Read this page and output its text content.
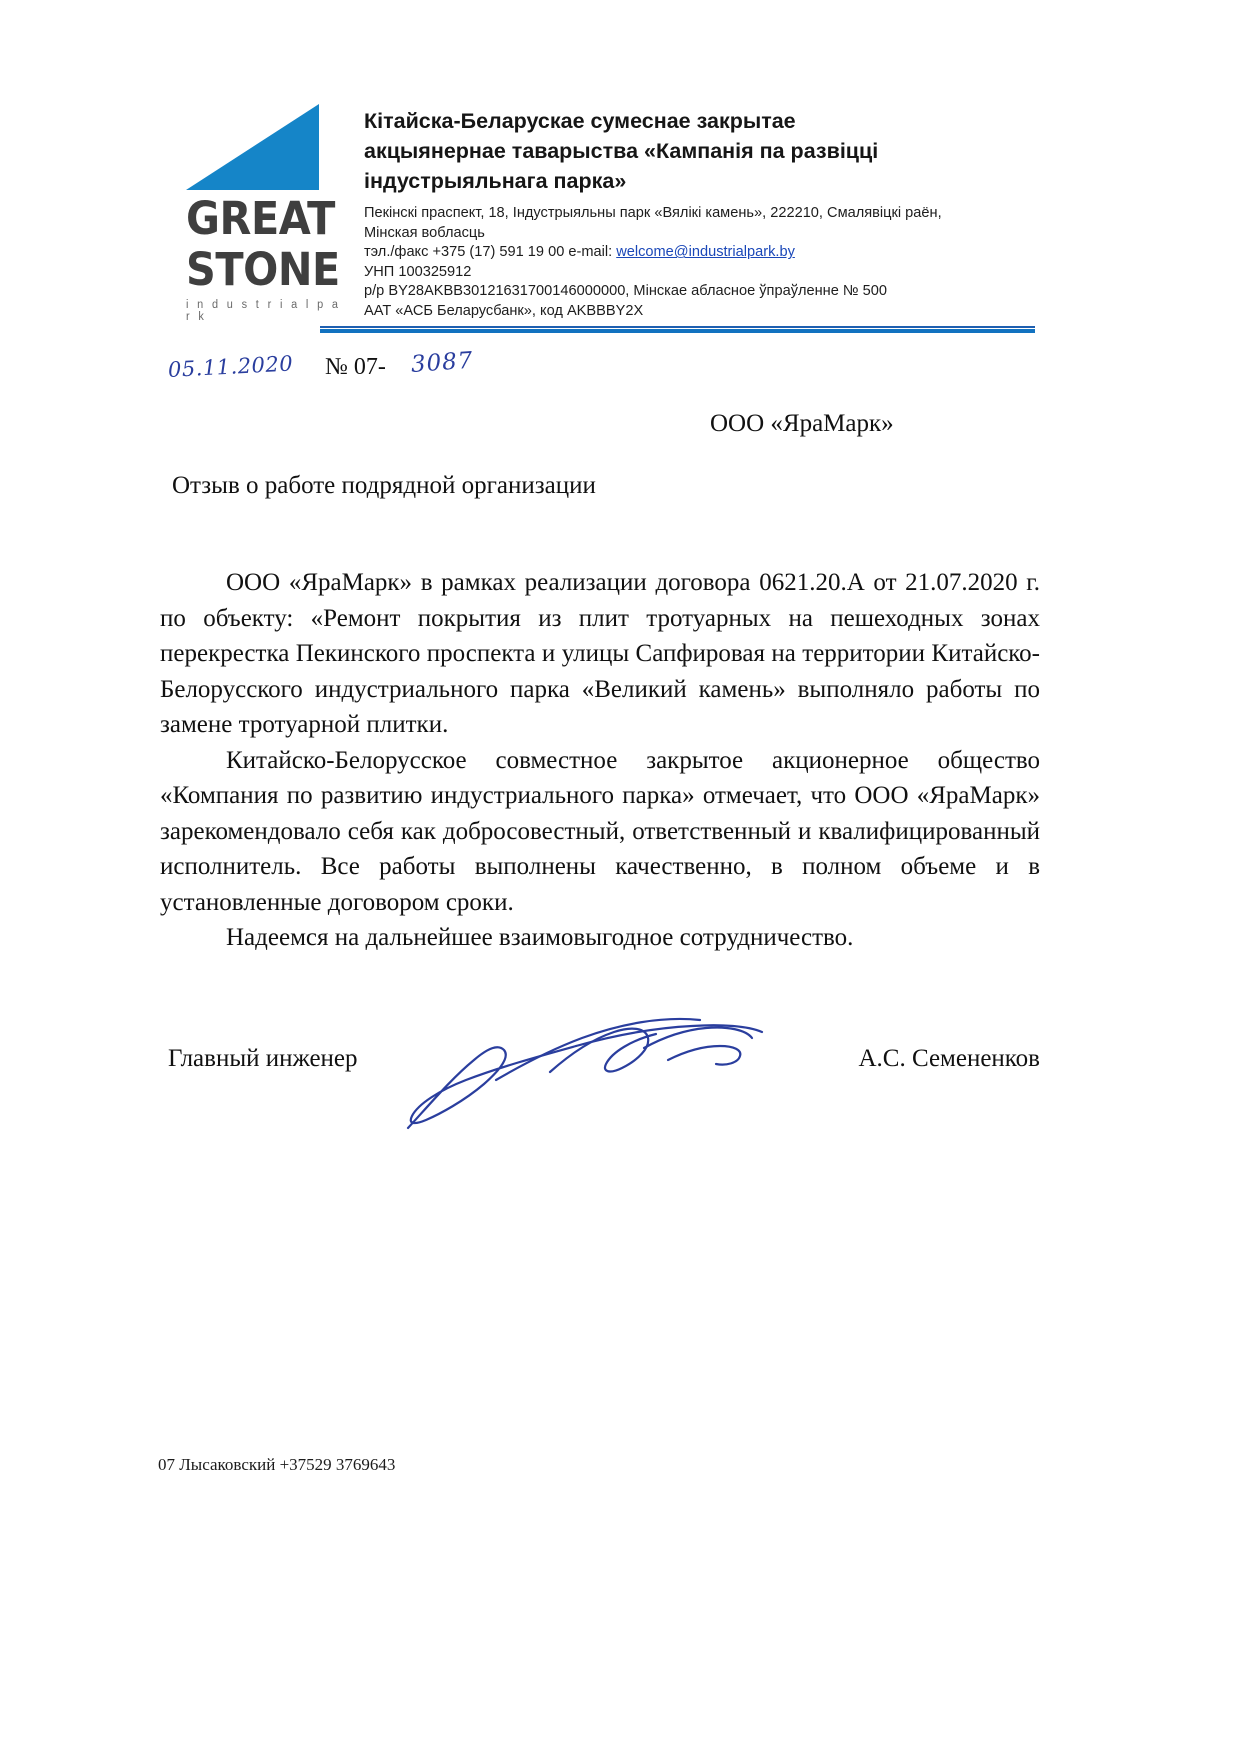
GREAT
STONE
i n d u s t r i a l p a r k
Кітайска-Беларускае сумеснае закрытае
акцыянернае таварыства «Кампанія па развіцці
індустрыяльнага парка»
Пекінскі праспект, 18, Індустрыяльны парк «Вялікі камень», 222210, Смалявіцкі раён,
Мінская вобласць
тэл./факс +375 (17) 591 19 00 e-mail: welcome@industrialpark.by
УНП 100325912
р/р BY28AKBB30121631700146000000, Мінскае абласное ўпраўленне № 500
ААТ «АСБ Беларусбанк», код AKBBBY2X
05.11.2020 № 07- 3087
ООО «ЯраМарк»
Отзыв о работе подрядной организации

ООО «ЯраМарк» в рамках реализации договора 0621.20.А от 21.07.2020 г. по объекту: «Ремонт покрытия из плит тротуарных на пешеходных зонах перекрестка Пекинского проспекта и улицы Сапфировая на территории Китайско-Белорусского индустриального парка «Великий камень» выполняло работы по замене тротуарной плитки.

Китайско-Белорусское совместное закрытое акционерное общество «Компания по развитию индустриального парка» отмечает, что ООО «ЯраМарк» зарекомендовало себя как добросовестный, ответственный и квалифицированный исполнитель. Все работы выполнены качественно, в полном объеме и в установленные договором сроки.

Надеемся на дальнейшее взаимовыгодное сотрудничество.

Главный инженер	А.С. Семененков
07 Лысаковский +37529 3769643
